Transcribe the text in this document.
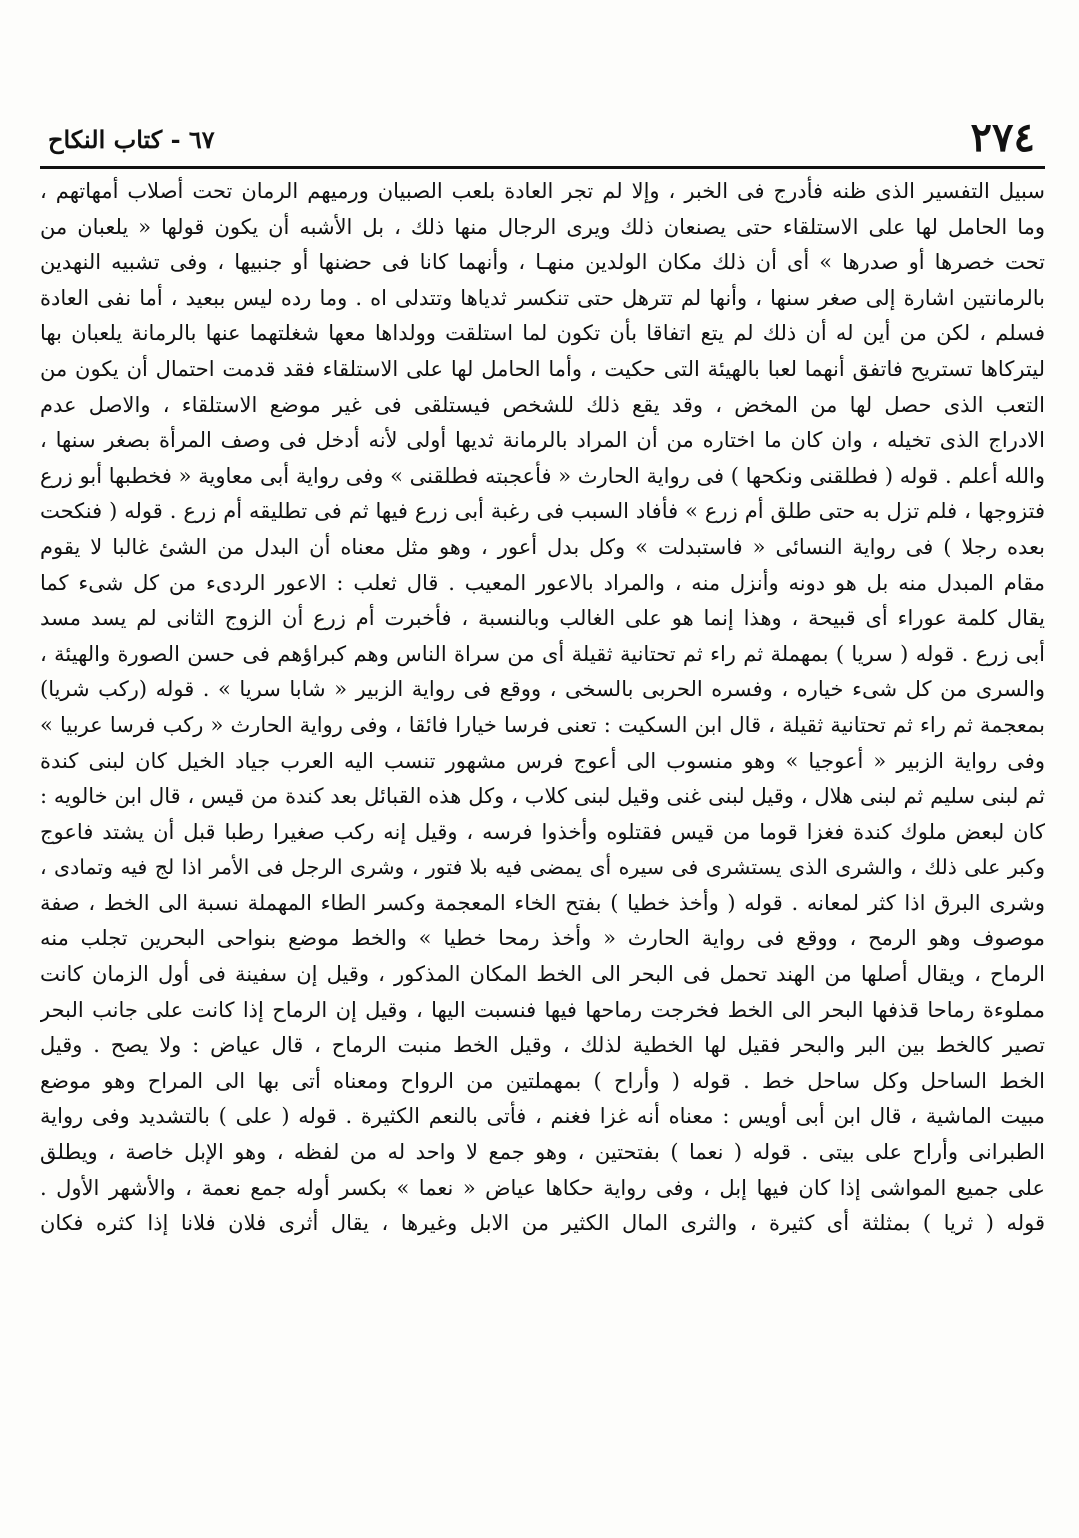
٢٧٤
٦٧ - كتاب النكاح
سبيل التفسير الذى ظنه فأدرج فى الخبر ، وإلا لم تجر العادة بلعب الصبيان ورميهم الرمان تحت أصلاب أمهاتهم ،
وما الحامل لها على الاستلقاء حتى يصنعان ذلك ويرى الرجال منها ذلك ، بل الأشبه أن يكون قولها « يلعبان من
تحت خصرها أو صدرها » أى أن ذلك مكان الولدين منهـا ، وأنهما كانا فى حضنها أو جنبيها ، وفى تشبيه النهدين
بالرمانتين اشارة إلى صغر سنها ، وأنها لم تترهل حتى تنكسر ثدياها وتتدلى اه . وما رده ليس ببعيد ، أما نفى العادة
فسلم ، لكن من أين له أن ذلك لم يتع اتفاقا بأن تكون لما استلقت وولداها معها شغلتهما عنها بالرمانة يلعبان بها
ليتركاها تستريح فاتفق أنهما لعبا بالهيئة التى حكيت ، وأما الحامل لها على الاستلقاء فقد قدمت احتمال أن يكون من
التعب الذى حصل لها من المخض ، وقد يقع ذلك للشخص فيستلقى فى غير موضع الاستلقاء ، والاصل عدم
الادراج الذى تخيله ، وان كان ما اختاره من أن المراد بالرمانة ثديها أولى لأنه أدخل فى وصف المرأة بصغر سنها ،
والله أعلم . قوله ( فطلقنى ونكحها ) فى رواية الحارث « فأعجبته فطلقنى » وفى رواية أبى معاوية « فخطبها أبو زرع
فتزوجها ، فلم تزل به حتى طلق أم زرع » فأفاد السبب فى رغبة أبى زرع فيها ثم فى تطليقه أم زرع . قوله ( فنكحت
بعده رجلا ) فى رواية النسائى « فاستبدلت » وكل بدل أعور ، وهو مثل معناه أن البدل من الشئ غالبا لا يقوم
مقام المبدل منه بل هو دونه وأنزل منه ، والمراد بالاعور المعيب . قال ثعلب : الاعور الردىء من كل شىء كما
يقال كلمة عوراء أى قبيحة ، وهذا إنما هو على الغالب وبالنسبة ، فأخبرت أم زرع أن الزوج الثانى لم يسد مسد
أبى زرع . قوله ( سريا ) بمهملة ثم راء ثم تحتانية ثقيلة أى من سراة الناس وهم كبراؤهم فى حسن الصورة والهيئة ،
والسرى من كل شىء خياره ، وفسره الحربى بالسخى ، ووقع فى رواية الزبير « شابا سريا » . قوله (ركب شريا)
بمعجمة ثم راء ثم تحتانية ثقيلة ، قال ابن السكيت : تعنى فرسا خيارا فائقا ، وفى رواية الحارث « ركب فرسا عربيا »
وفى رواية الزبير « أعوجيا » وهو منسوب الى أعوج فرس مشهور تنسب اليه العرب جياد الخيل كان لبنى كندة
ثم لبنى سليم ثم لبنى هلال ، وقيل لبنى غنى وقيل لبنى كلاب ، وكل هذه القبائل بعد كندة من قيس ، قال ابن خالويه :
كان لبعض ملوك كندة فغزا قوما من قيس فقتلوه وأخذوا فرسه ، وقيل إنه ركب صغيرا رطبا قبل أن يشتد فاعوج
وكبر على ذلك ، والشرى الذى يستشرى فى سيره أى يمضى فيه بلا فتور ، وشرى الرجل فى الأمر اذا لج فيه وتمادى ،
وشرى البرق اذا كثر لمعانه . قوله ( وأخذ خطيا ) بفتح الخاء المعجمة وكسر الطاء المهملة نسبة الى الخط ، صفة
موصوف وهو الرمح ، ووقع فى رواية الحارث « وأخذ رمحا خطيا » والخط موضع بنواحى البحرين تجلب منه
الرماح ، ويقال أصلها من الهند تحمل فى البحر الى الخط المكان المذكور ، وقيل إن سفينة فى أول الزمان كانت
مملوءة رماحا قذفها البحر الى الخط فخرجت رماحها فيها فنسبت اليها ، وقيل إن الرماح إذا كانت على جانب البحر
تصير كالخط بين البر والبحر فقيل لها الخطية لذلك ، وقيل الخط منبت الرماح ، قال عياض : ولا يصح . وقيل
الخط الساحل وكل ساحل خط . قوله ( وأراح ) بمهملتين من الرواح ومعناه أتى بها الى المراح وهو موضع
مبيت الماشية ، قال ابن أبى أويس : معناه أنه غزا فغنم ، فأتى بالنعم الكثيرة . قوله ( على ) بالتشديد وفى رواية
الطبرانى وأراح على بيتى . قوله ( نعما ) بفتحتين ، وهو جمع لا واحد له من لفظه ، وهو الإبل خاصة ، ويطلق
على جميع المواشى إذا كان فيها إبل ، وفى رواية حكاها عياض « نعما » بكسر أوله جمع نعمة ، والأشهر الأول .
قوله ( ثريا ) بمثلثة أى كثيرة ، والثرى المال الكثير من الابل وغيرها ، يقال أثرى فلان فلانا إذا كثره فكان
